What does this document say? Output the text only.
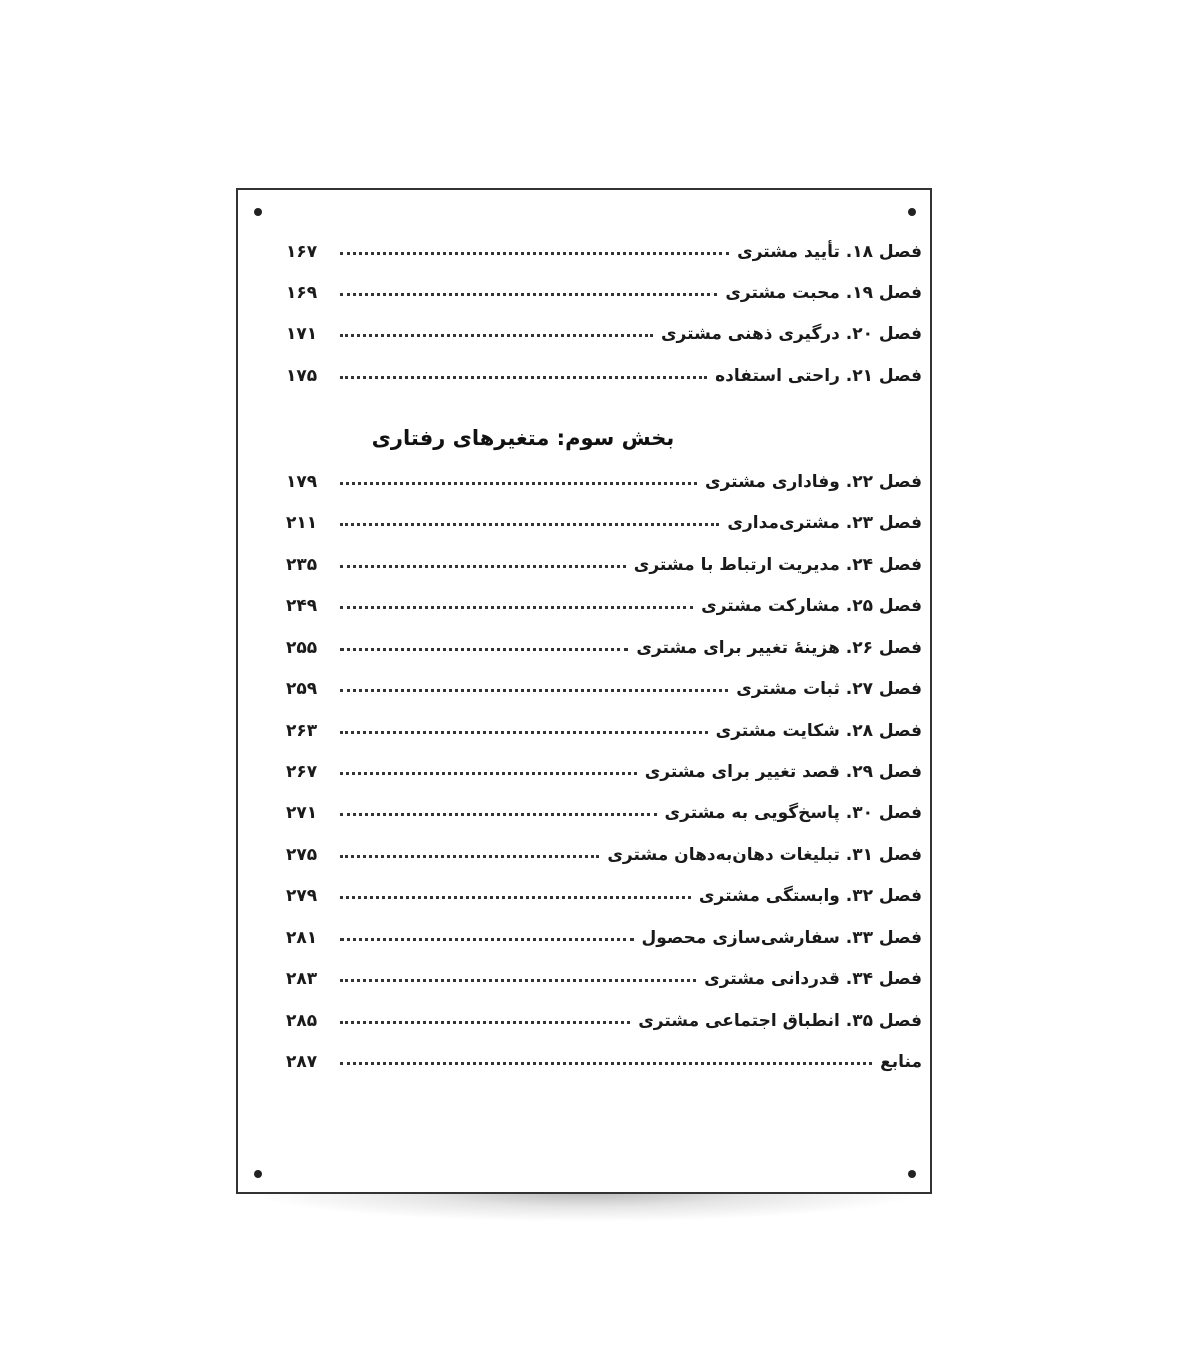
فصل ۱۸. تأیید مشتری
۱۶۷
فصل ۱۹. محبت مشتری
۱۶۹
فصل ۲۰. درگیری ذهنی مشتری
۱۷۱
فصل ۲۱. راحتی استفاده
۱۷۵
بخش سوم: متغیرهای رفتاری
فصل ۲۲. وفاداری مشتری
۱۷۹
فصل ۲۳. مشتری‌مداری
۲۱۱
فصل ۲۴. مدیریت ارتباط با مشتری
۲۳۵
فصل ۲۵. مشارکت مشتری
۲۴۹
فصل ۲۶. هزینهٔ تغییر برای مشتری
۲۵۵
فصل ۲۷. ثبات مشتری
۲۵۹
فصل ۲۸. شکایت مشتری
۲۶۳
فصل ۲۹. قصد تغییر برای مشتری
۲۶۷
فصل ۳۰. پاسخ‌گویی به مشتری
۲۷۱
فصل ۳۱. تبلیغات دهان‌به‌دهان مشتری
۲۷۵
فصل ۳۲. وابستگی مشتری
۲۷۹
فصل ۳۳. سفارشی‌سازی محصول
۲۸۱
فصل ۳۴. قدردانی مشتری
۲۸۳
فصل ۳۵. انطباق اجتماعی مشتری
۲۸۵
منابع
۲۸۷
